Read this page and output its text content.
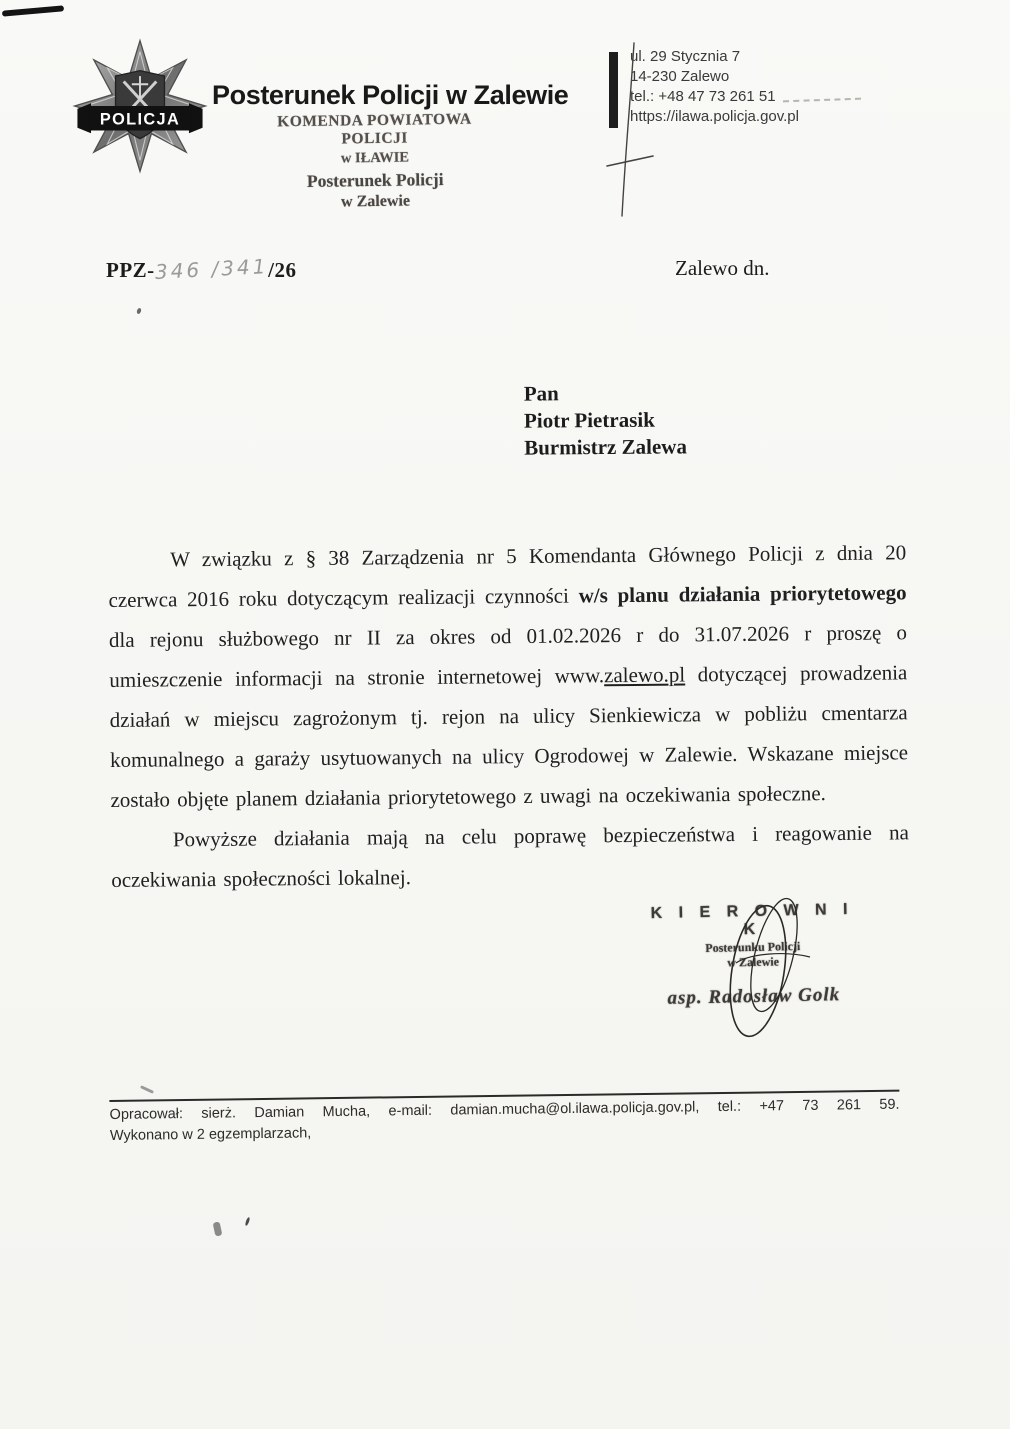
POLICJA
Posterunek Policji w Zalewie
KOMENDA POWIATOWA POLICJI
w IŁAWIE
Posterunek Policji
w Zalewie
ul. 29 Stycznia 7
14-230 Zalewo
tel.: +48 47 73 261 51
https://ilawa.policja.gov.pl
PPZ-346 /341/26	Zalewo dn.
Pan
Piotr Pietrasik
Burmistrz Zalewa

W związku z § 38 Zarządzenia nr 5 Komendanta Głównego Policji z dnia 20 czerwca 2016 roku dotyczącym realizacji czynności w/s planu działania priorytetowego dla rejonu służbowego nr II za okres od 01.02.2026 r do 31.07.2026 r proszę o umieszczenie informacji na stronie internetowej www.zalewo.pl dotyczącej prowadzenia działań w miejscu zagrożonym tj. rejon na ulicy Sienkiewicza w pobliżu cmentarza komunalnego a garaży usytuowanych na ulicy Ogrodowej w Zalewie. Wskazane miejsce zostało objęte planem działania priorytetowego z uwagi na oczekiwania społeczne.

Powyższe działania mają na celu poprawę bezpieczeństwa i reagowanie na oczekiwania społeczności lokalnej.

K I E R O W N I K
Posterunku Policji
w Zalewie
asp. Radosław Golk
Opracował: sierż. Damian Mucha, e-mail: damian.mucha@ol.ilawa.policja.gov.pl, tel.: +47 73 261 59.
Wykonano w 2 egzemplarzach,
